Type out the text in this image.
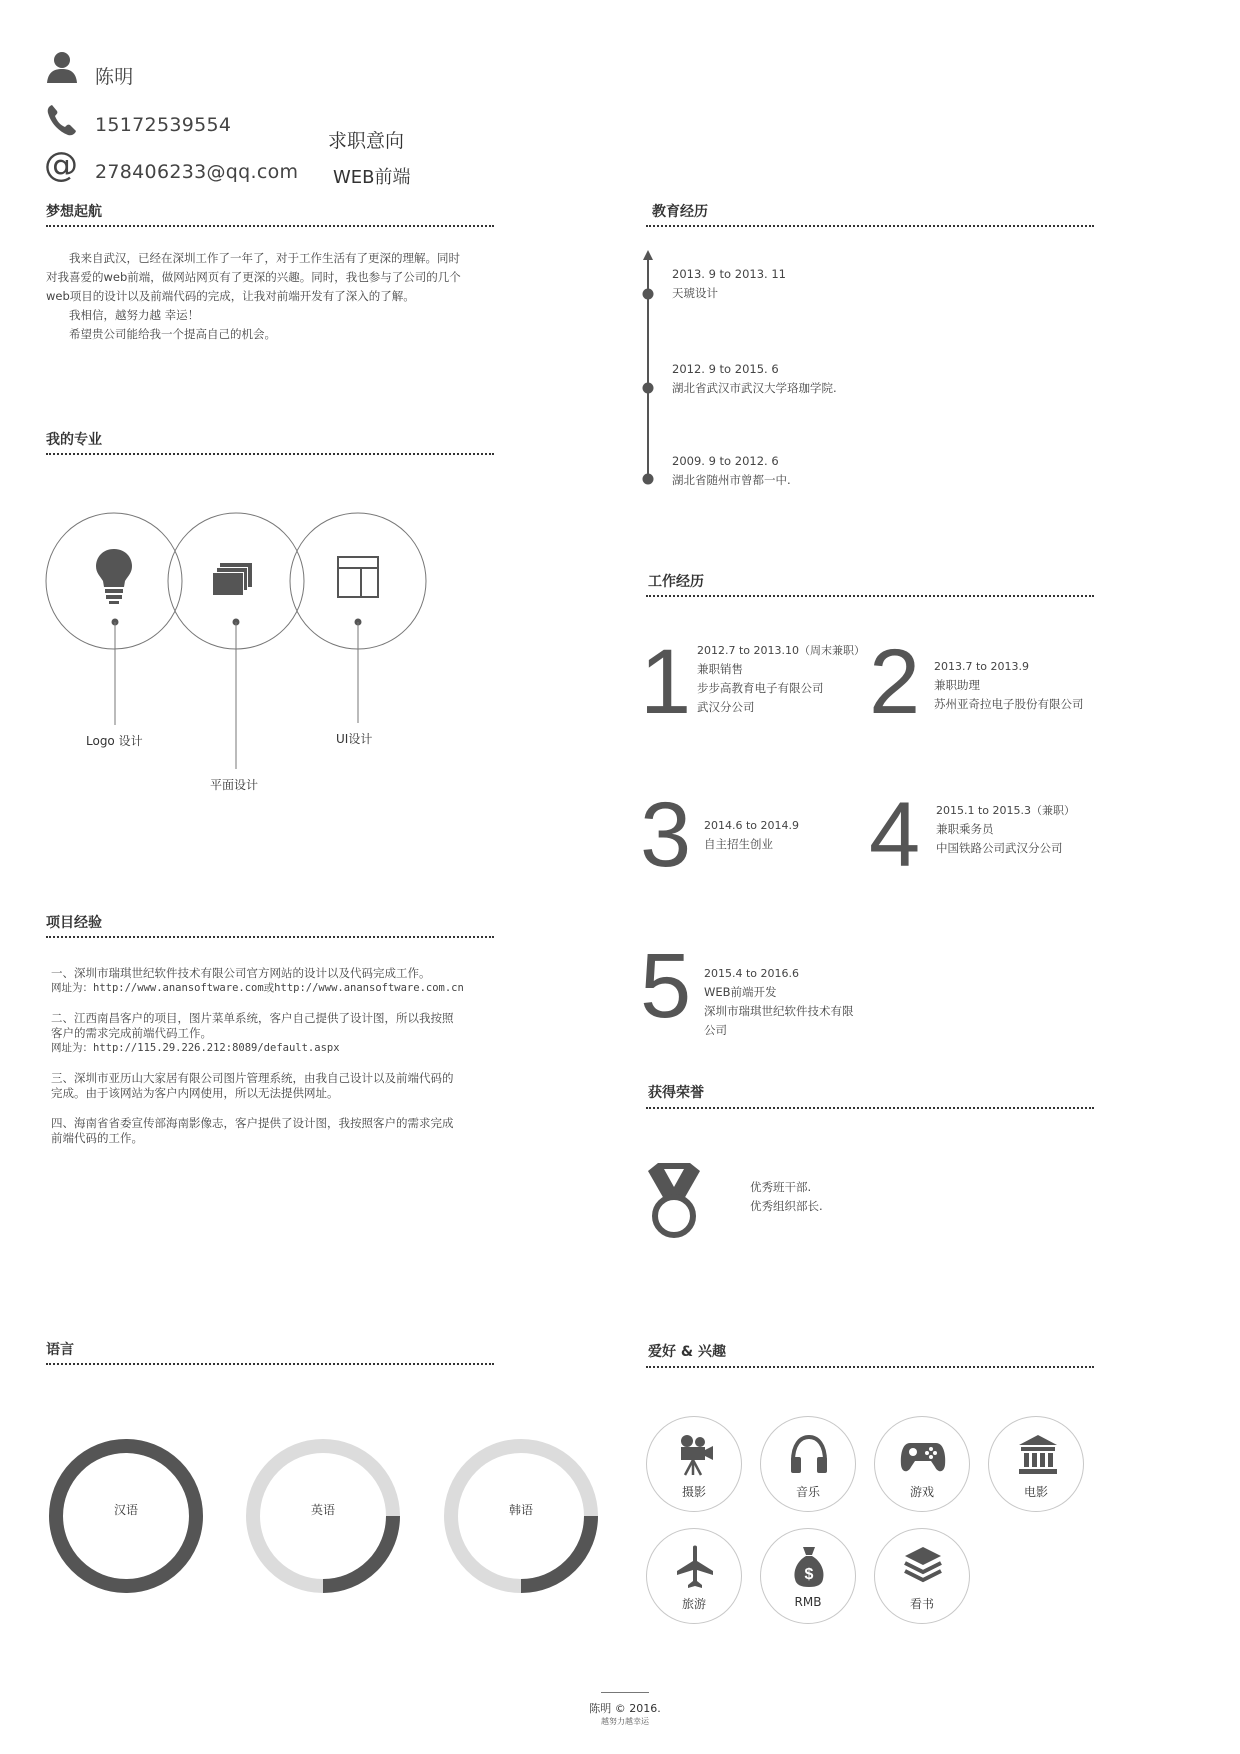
陈明
15172539554
@ 278406233@qq.com
求职意向
WEB前端
梦想起航
　　我来自武汉，已经在深圳工作了一年了，对于工作生活有了更深的理解。同时
对我喜爱的web前端，做网站网页有了更深的兴趣。同时，我也参与了公司的几个
web项目的设计以及前端代码的完成，让我对前端开发有了深入的了解。
　　我相信，越努力越 幸运！
　　希望贵公司能给我一个提高自己的机会。
我的专业
Logo 设计
平面设计
UI设计
项目经验
一、深圳市瑞琪世纪软件技术有限公司官方网站的设计以及代码完成工作。
网址为：http://www.anansoftware.com或http://www.anansoftware.com.cn
二、江西南昌客户的项目，图片菜单系统，客户自己提供了设计图，所以我按照
客户的需求完成前端代码工作。
网址为：http://115.29.226.212:8089/default.aspx
三、深圳市亚历山大家居有限公司图片管理系统，由我自己设计以及前端代码的
完成。由于该网站为客户内网使用，所以无法提供网址。
四、海南省省委宣传部海南影像志，客户提供了设计图，我按照客户的需求完成
前端代码的工作。
语言
汉语	英语	韩语
教育经历
2013. 9 to 2013. 11
天琥设计
2012. 9 to 2015. 6
湖北省武汉市武汉大学珞珈学院.
2009. 9 to 2012. 6
湖北省随州市曾都一中.
工作经历
1 2012.7 to 2013.10（周末兼职）
兼职销售
步步高教育电子有限公司
武汉分公司	2 2013.7 to 2013.9
兼职助理
苏州亚奇拉电子股份有限公司
3 2014.6 to 2014.9
自主招生创业 4 2015.1 to 2015.3（兼职）
兼职乘务员
中国铁路公司武汉分公司
5 2015.4 to 2016.6
WEB前端开发
深圳市瑞琪世纪软件技术有限
公司
获得荣誉
优秀班干部.
优秀组织部长.
爱好 & 兴趣
摄影	音乐	游戏	电影
旅游
$
RMB	看书
陈明 © 2016.
越努力越幸运
